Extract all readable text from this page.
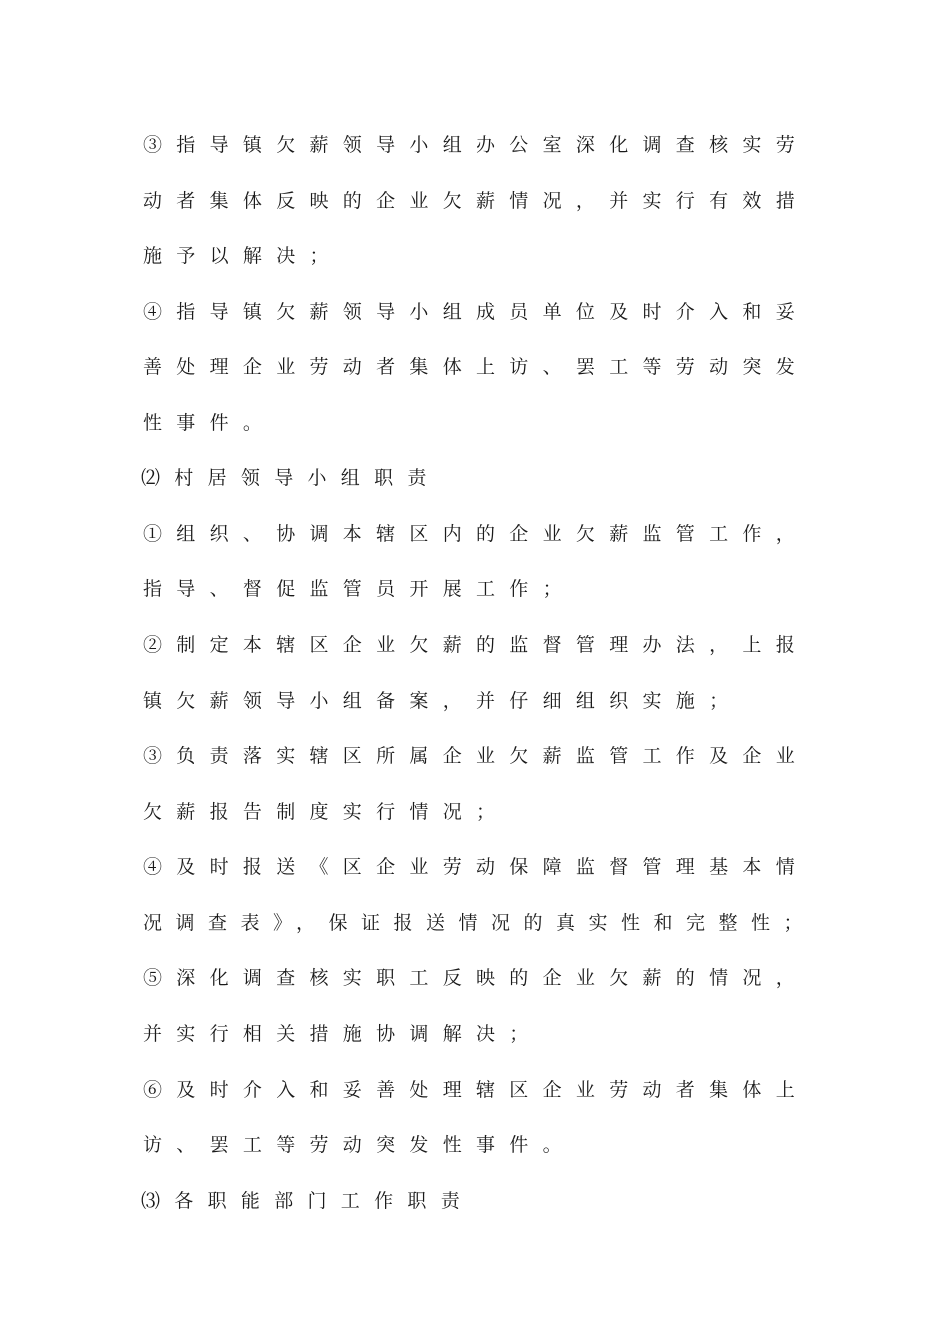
③指导镇欠薪领导小组办公室深化调查核实劳
动者集体反映的企业欠薪情况，并实行有效措
施予以解决；
④指导镇欠薪领导小组成员单位及时介入和妥
善处理企业劳动者集体上访、罢工等劳动突发
性事件。
⑵村居领导小组职责
①组织、协调本辖区内的企业欠薪监管工作，
指导、督促监管员开展工作；
②制定本辖区企业欠薪的监督管理办法，上报
镇欠薪领导小组备案，并仔细组织实施；
③负责落实辖区所属企业欠薪监管工作及企业
欠薪报告制度实行情况；
④及时报送《区企业劳动保障监督管理基本情
况调查表》，保证报送情况的真实性和完整性；
⑤深化调查核实职工反映的企业欠薪的情况，
并实行相关措施协调解决；
⑥及时介入和妥善处理辖区企业劳动者集体上
访、罢工等劳动突发性事件。
⑶各职能部门工作职责
